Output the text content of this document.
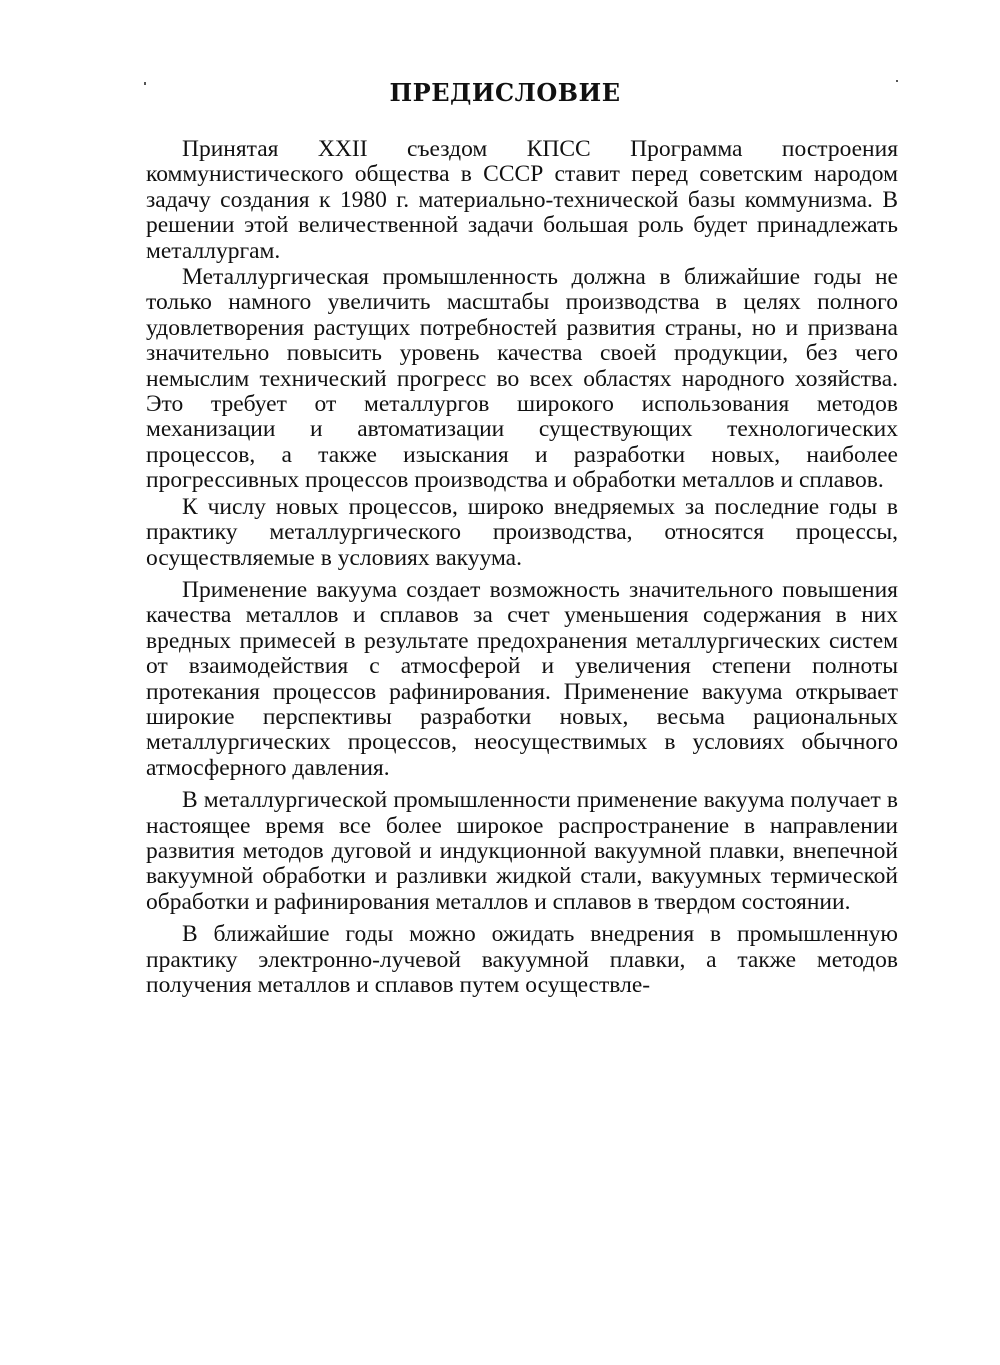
ПРЕДИСЛОВИЕ

Принятая XXII съездом КПСС Программа построения коммунистического общества в СССР ставит перед советским народом задачу создания к 1980 г. материально-технической базы коммунизма. В решении этой величественной задачи большая роль будет принадлежать металлургам.

Металлургическая промышленность должна в ближайшие годы не только намного увеличить масштабы производства в целях полного удовлетворения растущих потребностей развития страны, но и призвана значительно повысить уровень качества своей продукции, без чего немыслим технический прогресс во всех областях народного хозяйства. Это требует от металлургов широкого использования методов механизации и автоматизации существующих технологических процессов, а также изыскания и разработки новых, наиболее прогрессивных процессов производства и обработки металлов и сплавов.

К числу новых процессов, широко внедряемых за последние годы в практику металлургического производства, относятся процессы, осуществляемые в условиях вакуума.

Применение вакуума создает возможность значительного повышения качества металлов и сплавов за счет уменьшения содержания в них вредных примесей в результате предохранения металлургических систем от взаимодействия с атмосферой и увеличения степени полноты протекания процессов рафинирования. Применение вакуума открывает широкие перспективы разработки новых, весьма рациональных металлургических процессов, неосуществимых в условиях обычного атмосферного давления.

В металлургической промышленности применение вакуума получает в настоящее время все более широкое распространение в направлении развития методов дуговой и индукционной вакуумной плавки, внепечной вакуумной обработки и разливки жидкой стали, вакуумных термической обработки и рафинирования металлов и сплавов в твердом состоянии.

В ближайшие годы можно ожидать внедрения в промышленную практику электронно-лучевой вакуумной плавки, а также методов получения металлов и сплавов путем осуществле-
